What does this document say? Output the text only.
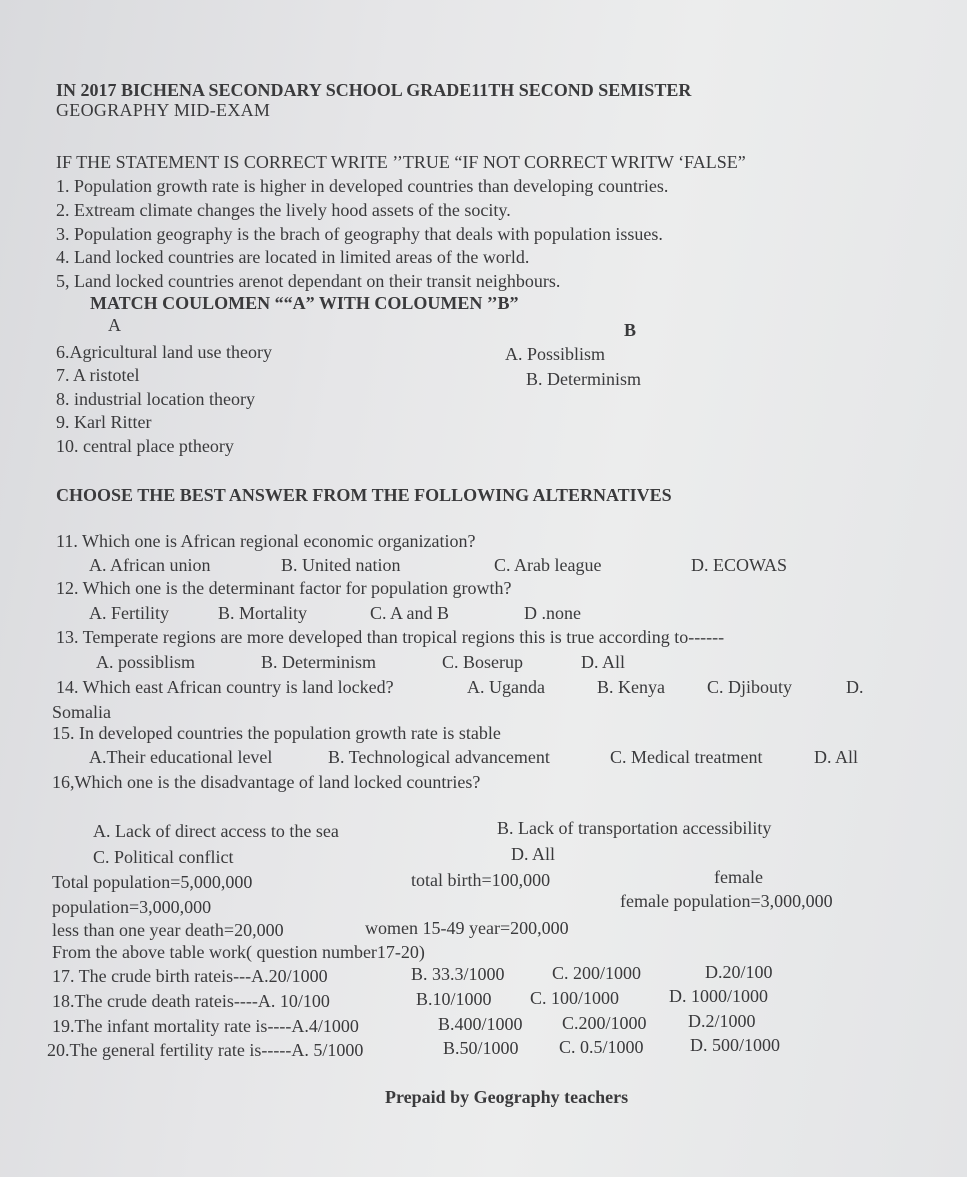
IN 2017 BICHENA SECONDARY SCHOOL GRADE11TH SECOND SEMISTER
GEOGRAPHY MID-EXAM
IF THE STATEMENT IS CORRECT WRITE ’’TRUE “IF NOT CORRECT WRITW ‘FALSE”
1. Population growth rate is higher in developed countries than developing countries.
2. Extream climate changes the lively hood assets of the socity.
3. Population geography is the brach of geography that deals with population issues.
4. Land locked countries are located in limited areas of the world.
5, Land locked countries arenot dependant on their transit neighbours.
MATCH COULOMEN ““A” WITH COLOUMEN ’’B”
A	B
6.Agricultural land use theory	A. Possiblism
7. A ristotel	B. Determinism
8. industrial location theory
9. Karl Ritter
10. central place ptheory
CHOOSE THE BEST ANSWER FROM THE FOLLOWING ALTERNATIVES
11. Which one is African regional economic organization?
A. African union	B. United nation	C. Arab league	D. ECOWAS
12. Which one is the determinant factor for population growth?
A. Fertility	B. Mortality	C. A and B	D .none
13. Temperate regions are more developed than tropical regions this is true according to------
A. possiblism	B. Determinism	C. Boserup	D. All
14. Which east African country is land locked?	A. Uganda	B. Kenya C. Djibouty	D.
Somalia
15. In developed countries the population growth rate is stable
A.Their educational level	B. Technological advancement	C. Medical treatment	D. All
16,Which one is the disadvantage of land locked countries?
A. Lack of direct access to the sea	B. Lack of transportation accessibility
C. Political conflict	D. All
Total population=5,000,000	total birth=100,000	female
population=3,000,000	female population=3,000,000
less than one year death=20,000	women 15-49 year=200,000
From the above table work( question number17-20)
17. The crude birth rateis---A.20/1000	B. 33.3/1000	C. 200/1000	D.20/100
18.The crude death rateis----A. 10/100	B.10/1000 C. 100/1000	D. 1000/1000
19.The infant mortality rate is----A.4/1000	B.400/1000 C.200/1000 D.2/1000
20.The general fertility rate is-----A. 5/1000	B.50/1000 C. 0.5/1000	D. 500/1000
Prepaid by Geography teachers
